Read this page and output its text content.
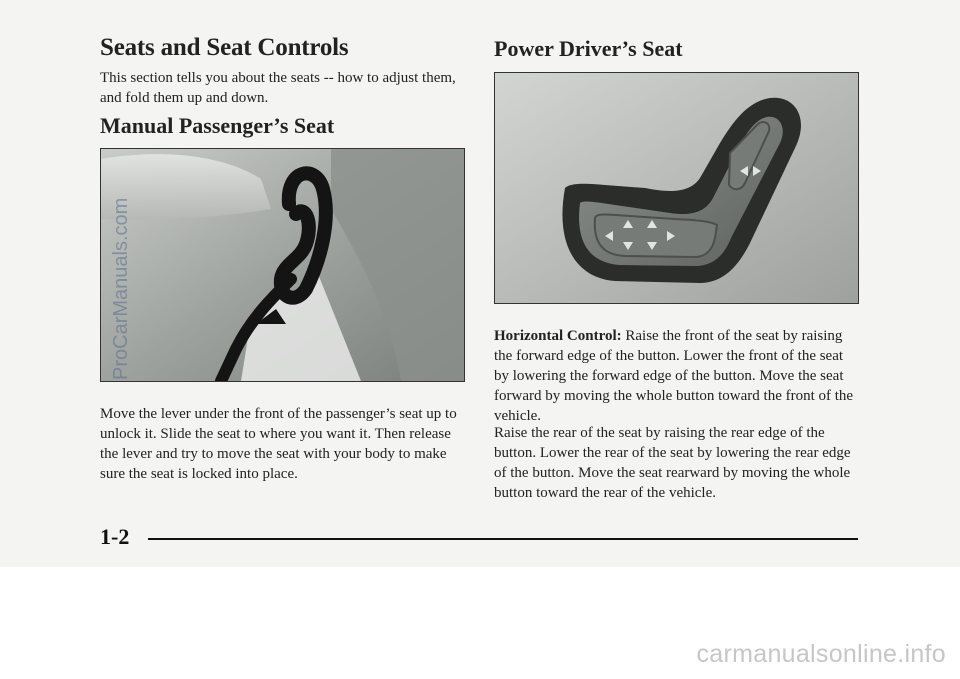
Seats and Seat Controls

This section tells you about the seats -- how to adjust them, and fold them up and down.

Manual Passenger’s Seat

Move the lever under the front of the passenger’s seat up to unlock it. Slide the seat to where you want it. Then release the lever and try to move the seat with your body to make sure the seat is locked into place.

Power Driver’s Seat

Horizontal Control: Raise the front of the seat by raising the forward edge of the button. Lower the front of the seat by lowering the forward edge of the button. Move the seat forward by moving the whole button toward the front of the vehicle.

Raise the rear of the seat by raising the rear edge of the button. Lower the rear of the seat by lowering the rear edge of the button. Move the seat rearward by moving the whole button toward the rear of the vehicle.

1-2
ProCarManuals.com
carmanualsonline.info
